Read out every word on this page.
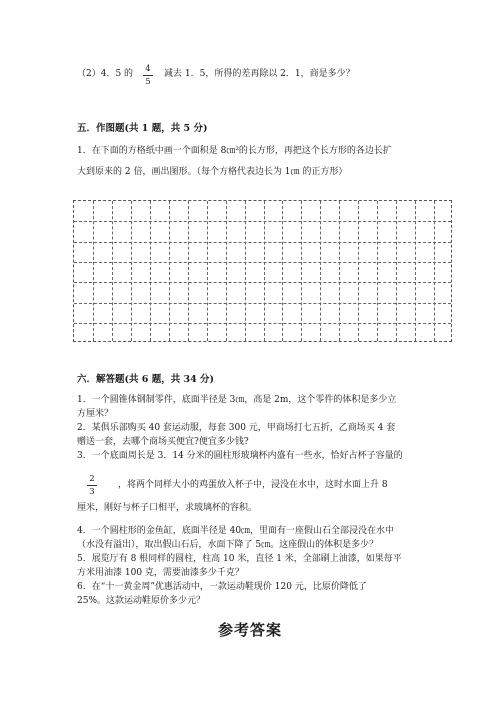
（2）4．5 的 4
5
减去 1．5，所得的差再除以 2．1，商是多少？
五．作图题(共 1 题，共 5 分)
1．在下面的方格纸中画一个面积是 8㎝²的长方形，再把这个长方形的各边长扩
大到原来的 2 倍，画出图形。（每个方格代表边长为 1㎝ 的正方形）
六．解答题(共 6 题，共 34 分)
1．一个圆锥体钢制零件，底面半径是 3㎝，高是 2m，这个零件的体积是多少立
方厘米？
2．某俱乐部购买 40 套运动服，每套 300 元，甲商场打七五折，乙商场买 4 套
赠送一套，去哪个商场买便宜?便宜多少钱?
3．一个底面周长是 3．14 分米的圆柱形玻璃杯内盛有一些水，恰好占杯子容量的
2
3
，将两个同样大小的鸡蛋放入杯子中，浸没在水中，这时水面上升 8
厘米，刚好与杯子口相平，求玻璃杯的容积。
4．一个圆柱形的金鱼缸，底面半径是 40㎝，里面有一座假山石全部浸没在水中
（水没有溢出），取出假山石后，水面下降了 5㎝。这座假山的体积是多少？
5．展览厅有 8 根同样的圆柱，柱高 10 米，直径 1 米，全部刷上油漆，如果每平
方米用油漆 100 克，需要油漆多少千克？
6．在“十一黄金周”优惠活动中，一款运动鞋现价 120 元，比原价降低了
25%。这款运动鞋原价多少元？
参考答案
